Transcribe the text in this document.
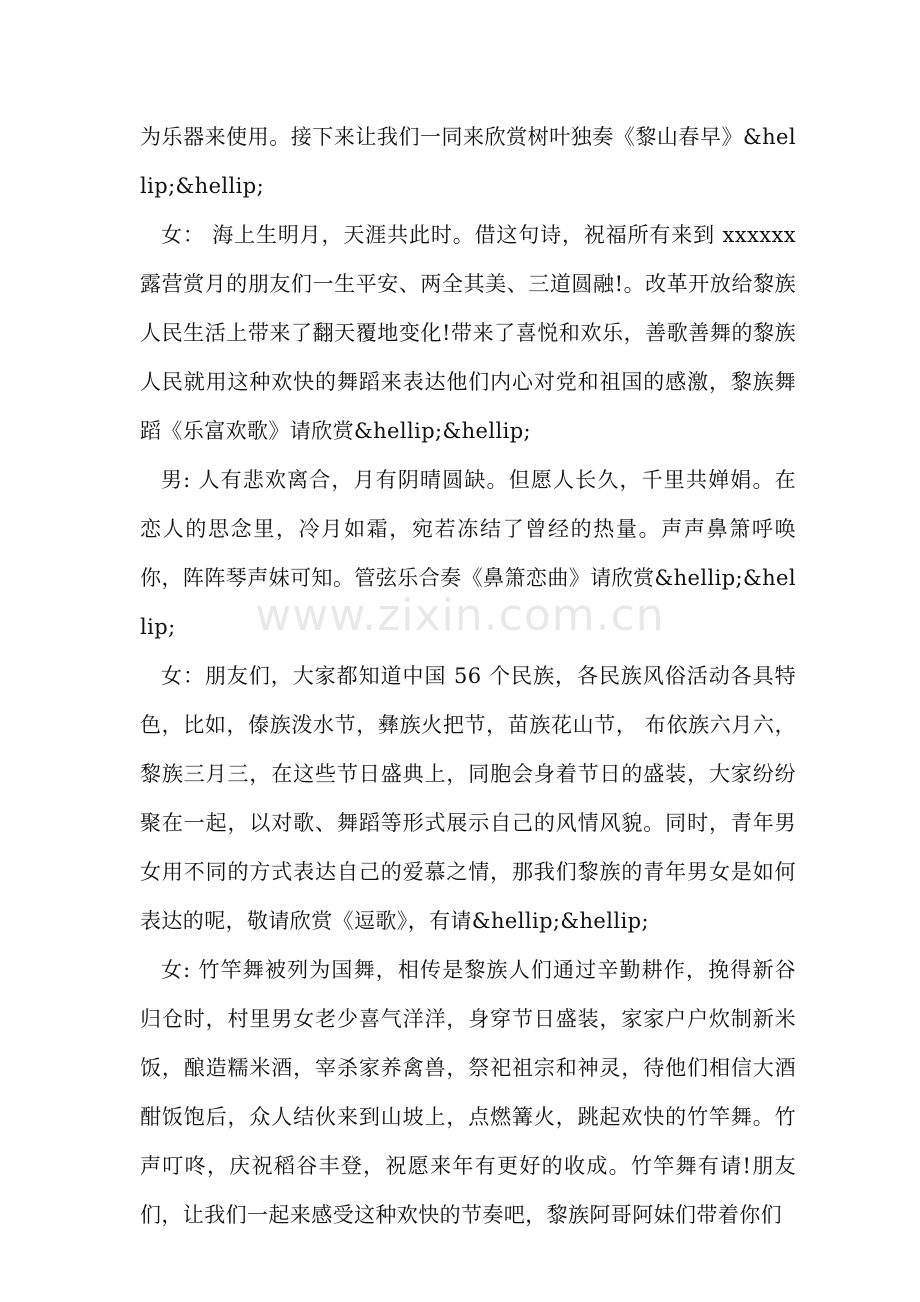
为乐器来使用。接下来让我们一同来欣赏树叶独奏《黎山春早》&hellip;&hellip;

女： 海上生明月，天涯共此时。借这句诗，祝福所有来到 xxxxxx 露营赏月的朋友们一生平安、两全其美、三道圆融!。改革开放给黎族人民生活上带来了翻天覆地变化!带来了喜悦和欢乐，善歌善舞的黎族人民就用这种欢快的舞蹈来表达他们内心对党和祖国的感激，黎族舞蹈《乐富欢歌》请欣赏&hellip;&hellip;

男: 人有悲欢离合，月有阴晴圆缺。但愿人长久，千里共婵娟。在恋人的思念里，冷月如霜，宛若冻结了曾经的热量。声声鼻箫呼唤你，阵阵琴声妹可知。管弦乐合奏《鼻箫恋曲》请欣赏&hellip;&hellip;

女：朋友们，大家都知道中国 56 个民族，各民族风俗活动各具特色，比如，傣族泼水节，彝族火把节，苗族花山节， 布依族六月六，黎族三月三，在这些节日盛典上，同胞会身着节日的盛装，大家纷纷聚在一起，以对歌、舞蹈等形式展示自己的风情风貌。同时，青年男女用不同的方式表达自己的爱慕之情，那我们黎族的青年男女是如何表达的呢，敬请欣赏《逗歌》，有请&hellip;&hellip;

女: 竹竿舞被列为国舞，相传是黎族人们通过辛勤耕作，挽得新谷归仓时，村里男女老少喜气洋洋，身穿节日盛装，家家户户炊制新米饭，酿造糯米酒，宰杀家养禽兽，祭祀祖宗和神灵，待他们相信大酒酣饭饱后，众人结伙来到山坡上，点燃篝火，跳起欢快的竹竿舞。竹声叮咚，庆祝稻谷丰登，祝愿来年有更好的收成。竹竿舞有请!朋友们，让我们一起来感受这种欢快的节奏吧，黎族阿哥阿妹们带着你们

www.zixin.com.cn
